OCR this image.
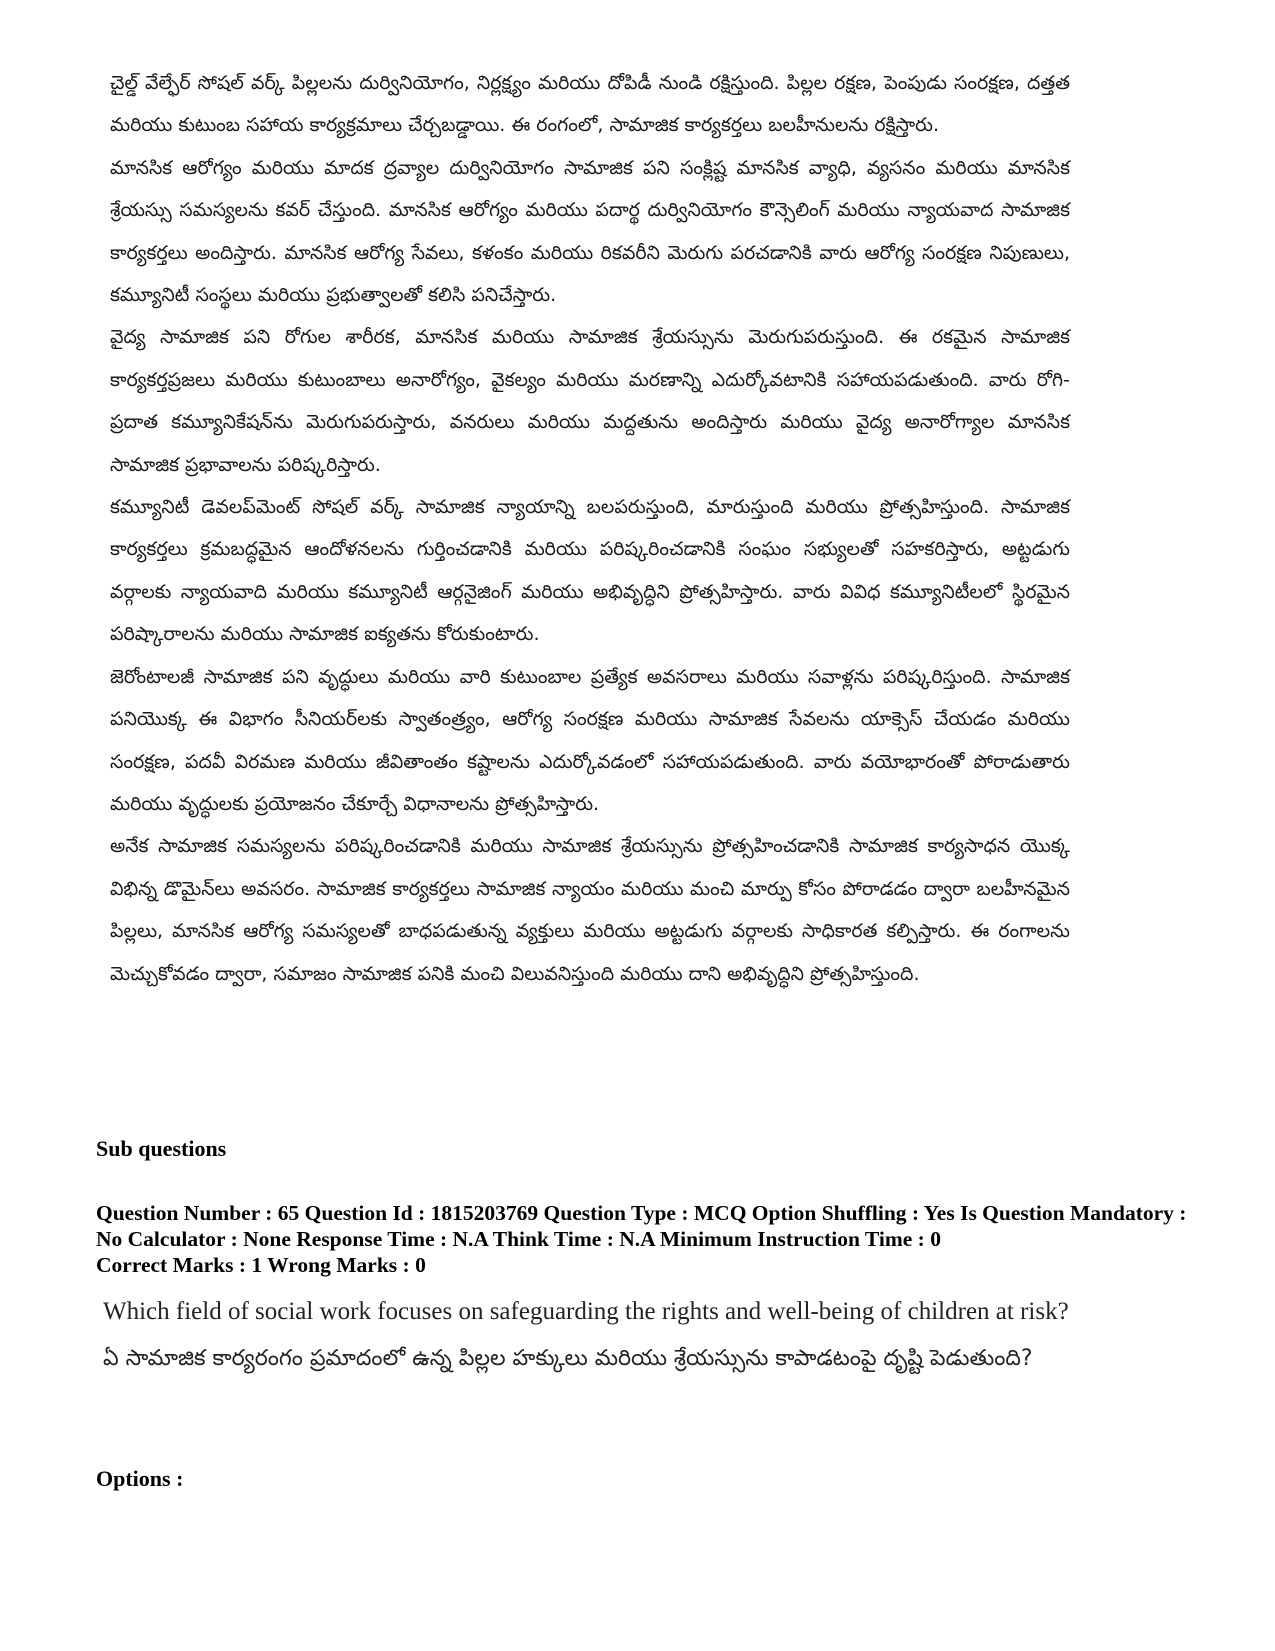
చైల్డ్ వేల్ఫేర్ సోషల్ వర్క్ పిల్లలను దుర్వినియోగం, నిర్లక్ష్యం మరియు దోపిడీ నుండి రక్షిస్తుంది. పిల్లల రక్షణ, పెంపుడు సంరక్షణ, దత్తత మరియు కుటుంబ సహాయ కార్యక్రమాలు చేర్చబడ్డాయి. ఈ రంగంలో, సామాజిక కార్యకర్తలు బలహీనులను రక్షిస్తారు.

మానసిక ఆరోగ్యం మరియు మాదక ద్రవ్యాల దుర్వినియోగం సామాజిక పని సంక్లిష్ట మానసిక వ్యాధి, వ్యసనం మరియు మానసిక శ్రేయస్సు సమస్యలను కవర్ చేస్తుంది. మానసిక ఆరోగ్యం మరియు పదార్థ దుర్వినియోగం కౌన్సెలింగ్ మరియు న్యాయవాద సామాజిక కార్యకర్తలు అందిస్తారు. మానసిక ఆరోగ్య సేవలు, కళంకం మరియు రికవరీని మెరుగు పరచడానికి వారు ఆరోగ్య సంరక్షణ నిపుణులు, కమ్యూనిటీ సంస్థలు మరియు ప్రభుత్వాలతో కలిసి పనిచేస్తారు.

వైద్య సామాజిక పని రోగుల శారీరక, మానసిక మరియు సామాజిక శ్రేయస్సును మెరుగుపరుస్తుంది. ఈ రకమైన సామాజిక కార్యకర్తప్రజలు మరియు కుటుంబాలు అనారోగ్యం, వైకల్యం మరియు మరణాన్ని ఎదుర్కోవటానికి సహాయపడుతుంది. వారు రోగి-ప్రదాత కమ్యూనికేషన్‌ను మెరుగుపరుస్తారు, వనరులు మరియు మద్దతును అందిస్తారు మరియు వైద్య అనారోగ్యాల మానసిక సామాజిక ప్రభావాలను పరిష్కరిస్తారు.

కమ్యూనిటీ డెవలప్‌మెంట్ సోషల్ వర్క్ సామాజిక న్యాయాన్ని బలపరుస్తుంది, మారుస్తుంది మరియు ప్రోత్సహిస్తుంది. సామాజిక కార్యకర్తలు క్రమబద్ధమైన ఆందోళనలను గుర్తించడానికి మరియు పరిష్కరించడానికి సంఘం సభ్యులతో సహకరిస్తారు, అట్టడుగు వర్గాలకు న్యాయవాది మరియు కమ్యూనిటీ ఆర్గనైజింగ్ మరియు అభివృద్ధిని ప్రోత్సహిస్తారు. వారు వివిధ కమ్యూనిటీలలో స్థిరమైన పరిష్కారాలను మరియు సామాజిక ఐక్యతను కోరుకుంటారు.

జెరోంటాలజీ సామాజిక పని వృద్ధులు మరియు వారి కుటుంబాల ప్రత్యేక అవసరాలు మరియు సవాళ్లను పరిష్కరిస్తుంది. సామాజిక పనియొక్క ఈ విభాగం సీనియర్‌లకు స్వాతంత్ర్యం, ఆరోగ్య సంరక్షణ మరియు సామాజిక సేవలను యాక్సెస్ చేయడం మరియు సంరక్షణ, పదవీ విరమణ మరియు జీవితాంతం కష్టాలను ఎదుర్కోవడంలో సహాయపడుతుంది. వారు వయోభారంతో పోరాడుతారు మరియు వృద్ధులకు ప్రయోజనం చేకూర్చే విధానాలను ప్రోత్సహిస్తారు.

అనేక సామాజిక సమస్యలను పరిష్కరించడానికి మరియు సామాజిక శ్రేయస్సును ప్రోత్సహించడానికి సామాజిక కార్యసాధన యొక్క విభిన్న డొమైన్‌లు అవసరం. సామాజిక కార్యకర్తలు సామాజిక న్యాయం మరియు మంచి మార్పు కోసం పోరాడడం ద్వారా బలహీనమైన పిల్లలు, మానసిక ఆరోగ్య సమస్యలతో బాధపడుతున్న వ్యక్తులు మరియు అట్టడుగు వర్గాలకు సాధికారత కల్పిస్తారు. ఈ రంగాలను మెచ్చుకోవడం ద్వారా, సమాజం సామాజిక పనికి మంచి విలువనిస్తుంది మరియు దాని అభివృద్ధిని ప్రోత్సహిస్తుంది.

Sub questions
Question Number : 65 Question Id : 1815203769 Question Type : MCQ Option Shuffling : Yes Is Question Mandatory : No Calculator : None Response Time : N.A Think Time : N.A Minimum Instruction Time : 0
Correct Marks : 1 Wrong Marks : 0

Which field of social work focuses on safeguarding the rights and well-being of children at risk?

ఏ సామాజిక కార్యరంగం ప్రమాదంలో ఉన్న పిల్లల హక్కులు మరియు శ్రేయస్సును కాపాడటంపై దృష్టి పెడుతుంది?

Options :
